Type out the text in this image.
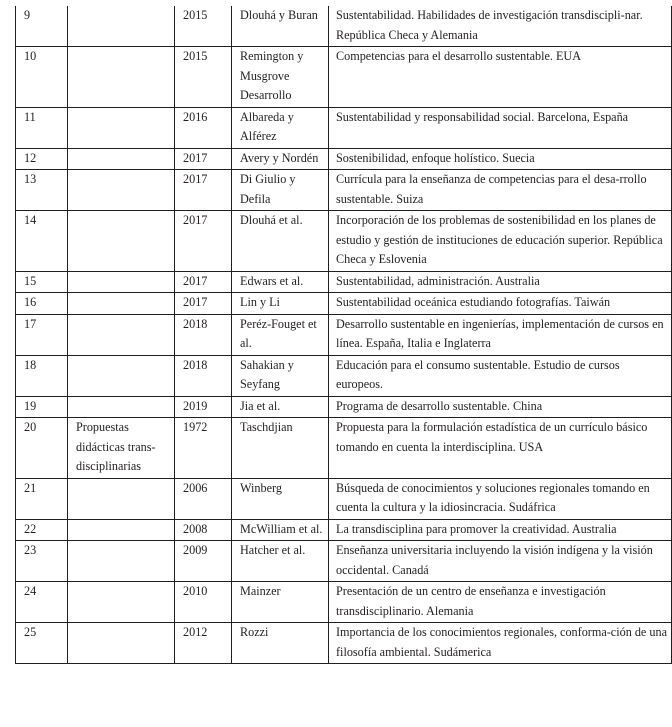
9		2015	Dlouhá y Buran	Sustentabilidad. Habilidades de investigación transdiscipli-nar. República Checa y Alemania
10		2015	Remington y Musgrove Desarrollo	Competencias para el desarrollo sustentable. EUA
11		2016	Albareda y Alférez	Sustentabilidad y responsabilidad social. Barcelona, España
12		2017	Avery y Nordén	Sostenibilidad, enfoque holístico. Suecia
13		2017	Di Giulio y Defila	Currícula para la enseñanza de competencias para el desa-rrollo sustentable. Suiza
14		2017	Dlouhá et al.	Incorporación de los problemas de sostenibilidad en los planes de estudio y gestión de instituciones de educación superior. República Checa y Eslovenia
15		2017	Edwars et al.	Sustentabilidad, administración. Australia
16		2017	Lin y Li	Sustentabilidad oceánica estudiando fotografías. Taiwán
17		2018	Peréz-Fouget et al.	Desarrollo sustentable en ingenierías, implementación de cursos en línea. España, Italia e Inglaterra
18		2018	Sahakian y Seyfang	Educación para el consumo sustentable. Estudio de cursos europeos.
19		2019	Jia et al.	Programa de desarrollo sustentable. China
20	Propuestas didácticas trans-disciplinarias	1972	Taschdjian	Propuesta para la formulación estadística de un currículo básico tomando en cuenta la interdisciplina. USA
21		2006	Winberg	Búsqueda de conocimientos y soluciones regionales tomando en cuenta la cultura y la idiosincracia. Sudáfrica
22		2008	McWilliam et al.	La transdisciplina para promover la creatividad. Australia
23		2009	Hatcher et al.	Enseñanza universitaria incluyendo la visión indígena y la visión occidental. Canadá
24		2010	Mainzer	Presentación de un centro de enseñanza e investigación transdisciplinario. Alemania
25		2012	Rozzi	Importancia de los conocimientos regionales, conforma-ción de una filosofía ambiental. Sudámerica
